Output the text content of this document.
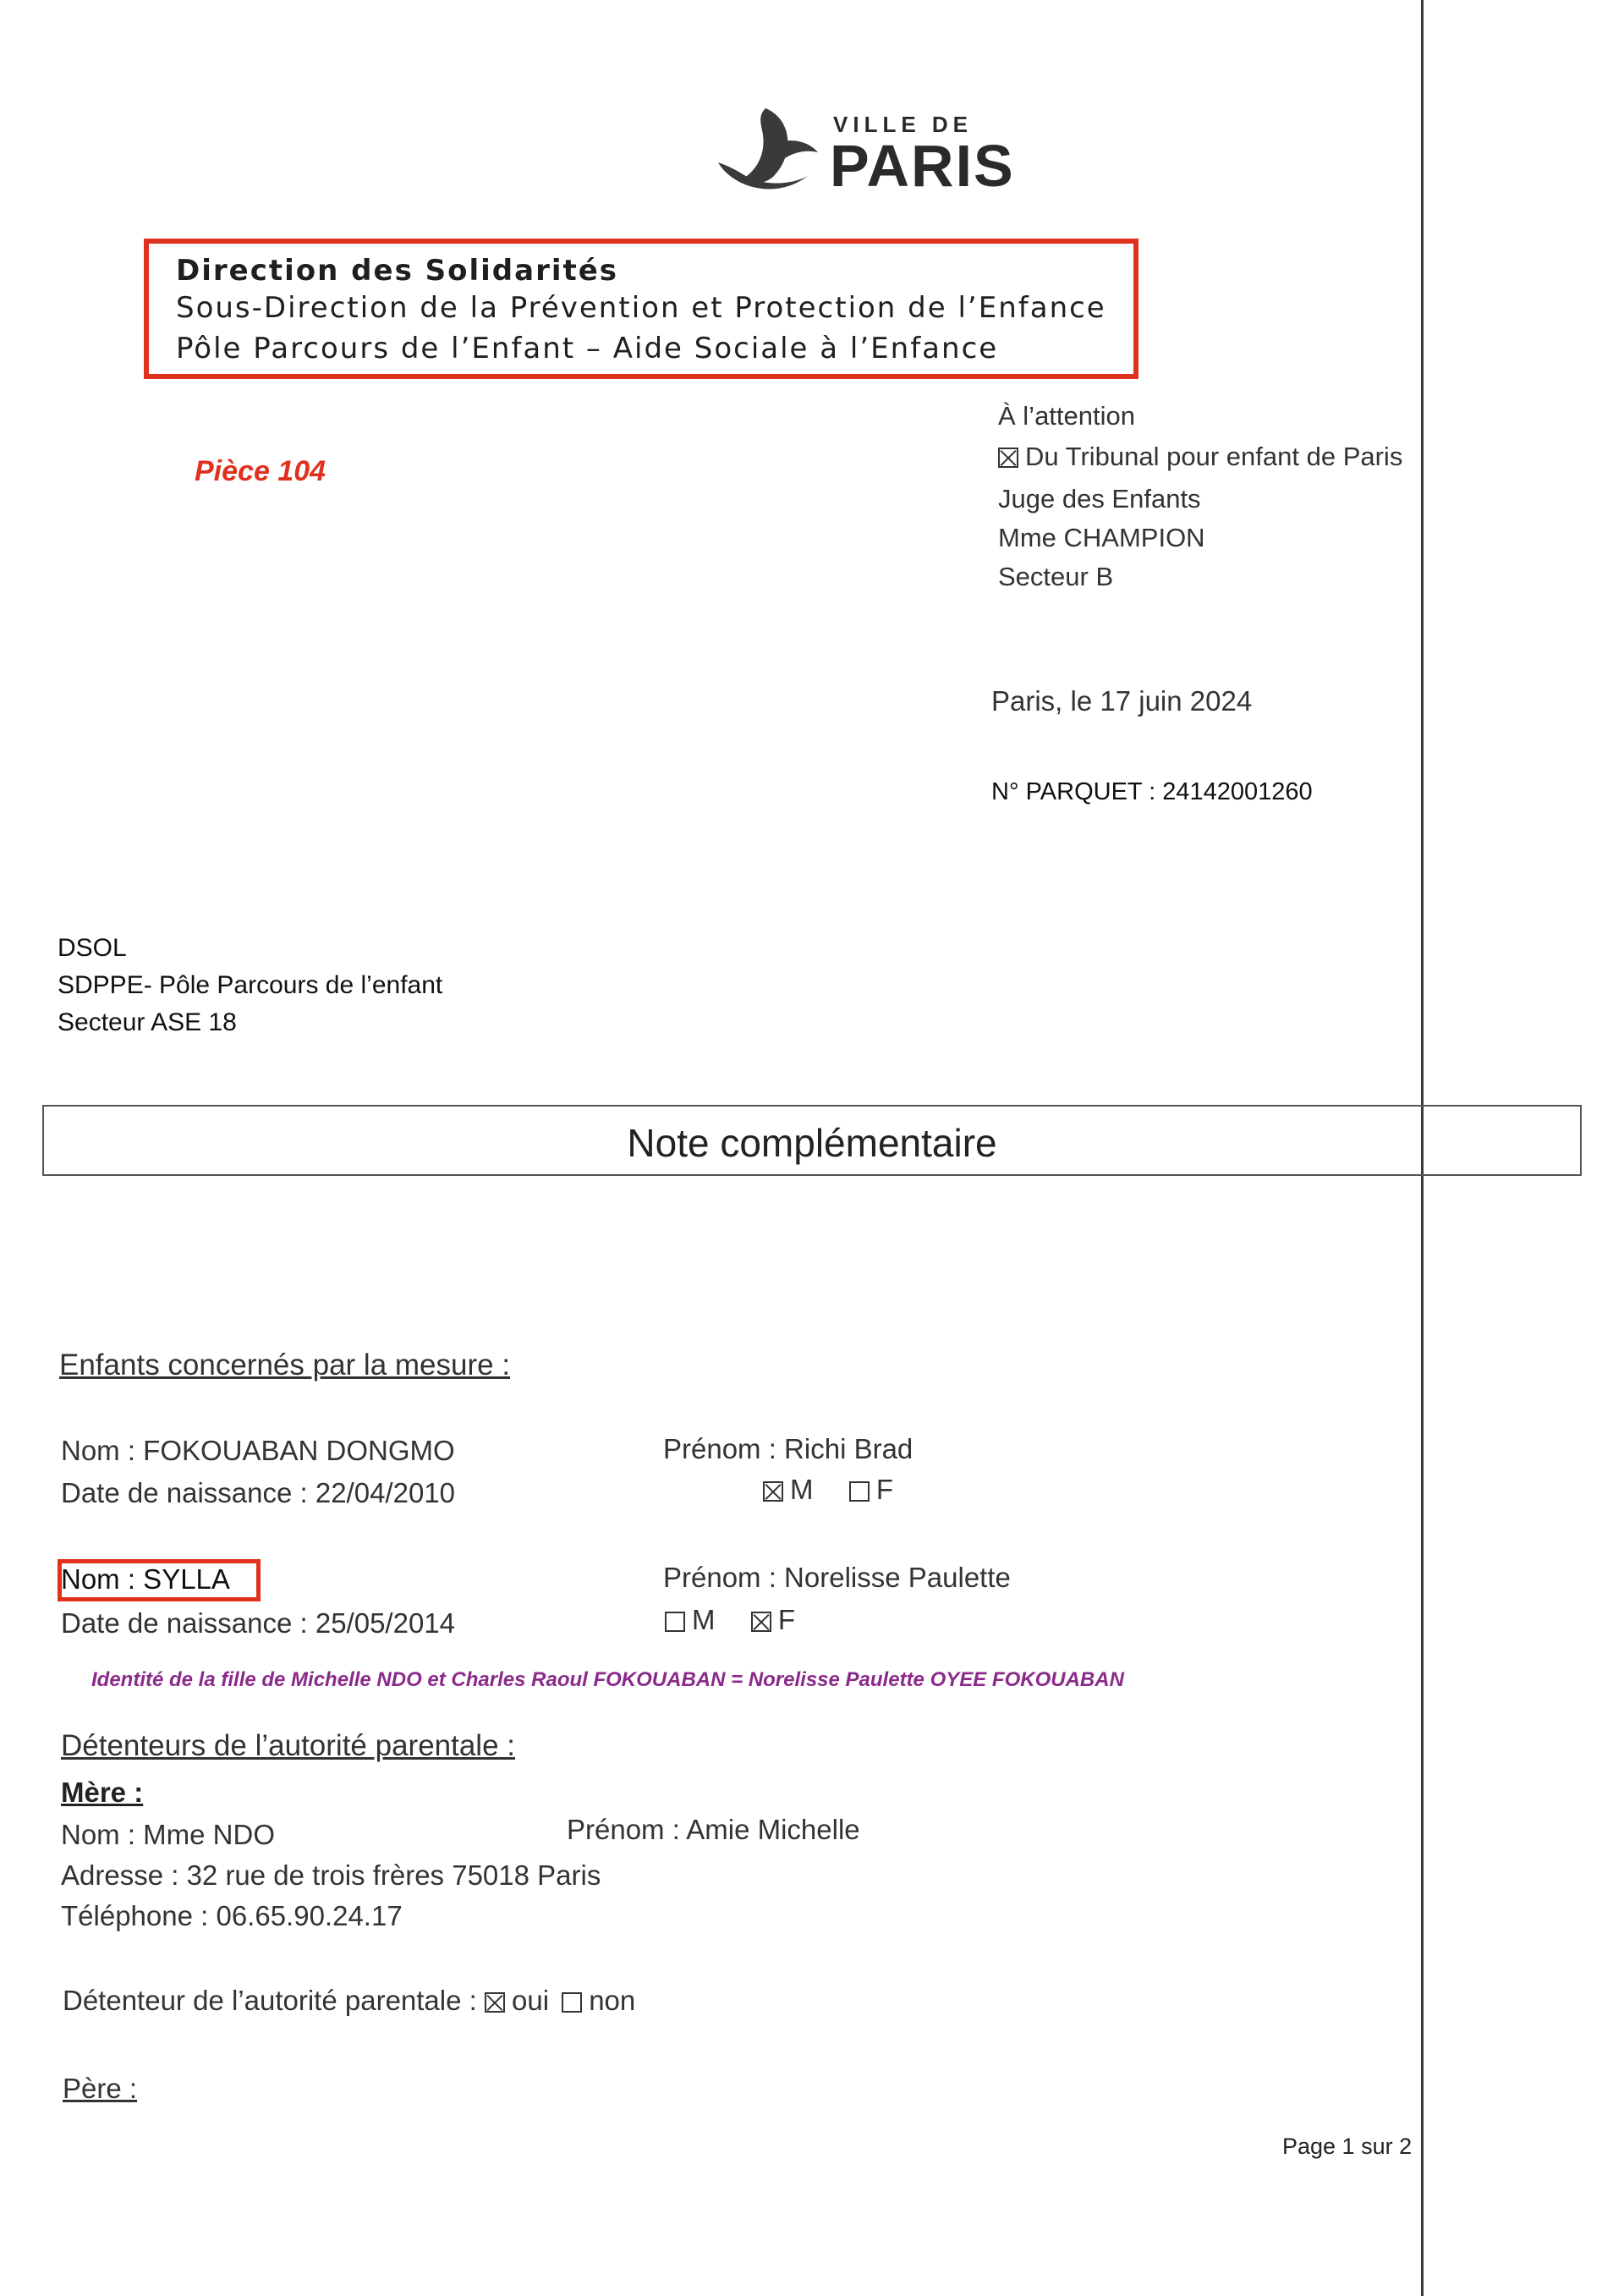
VILLE DE
PARIS
Direction des Solidarités
Sous-Direction de la Prévention et Protection de l’Enfance
Pôle Parcours de l’Enfant – Aide Sociale à l’Enfance
Pièce 104
À l’attention
Du Tribunal pour enfant de Paris
Juge des Enfants
Mme CHAMPION
Secteur B
Paris, le 17 juin 2024
N° PARQUET : 24142001260
DSOL
SDPPE- Pôle Parcours de l’enfant
Secteur ASE 18
Note complémentaire
Enfants concernés par la mesure :
Nom : FOKOUABAN DONGMO	Prénom : Richi Brad
Date de naissance : 22/04/2010	M F
Nom : SYLLA	Prénom : Norelisse Paulette
Date de naissance : 25/05/2014	M F
Identité de la fille de Michelle NDO et Charles Raoul FOKOUABAN = Norelisse Paulette OYEE FOKOUABAN
Détenteurs de l’autorité parentale :
Mère :
Nom : Mme NDO	Prénom : Amie Michelle
Adresse : 32 rue de trois frères 75018 Paris
Téléphone : 06.65.90.24.17
Détenteur de l’autorité parentale : oui non
Père :
Page 1 sur 2
